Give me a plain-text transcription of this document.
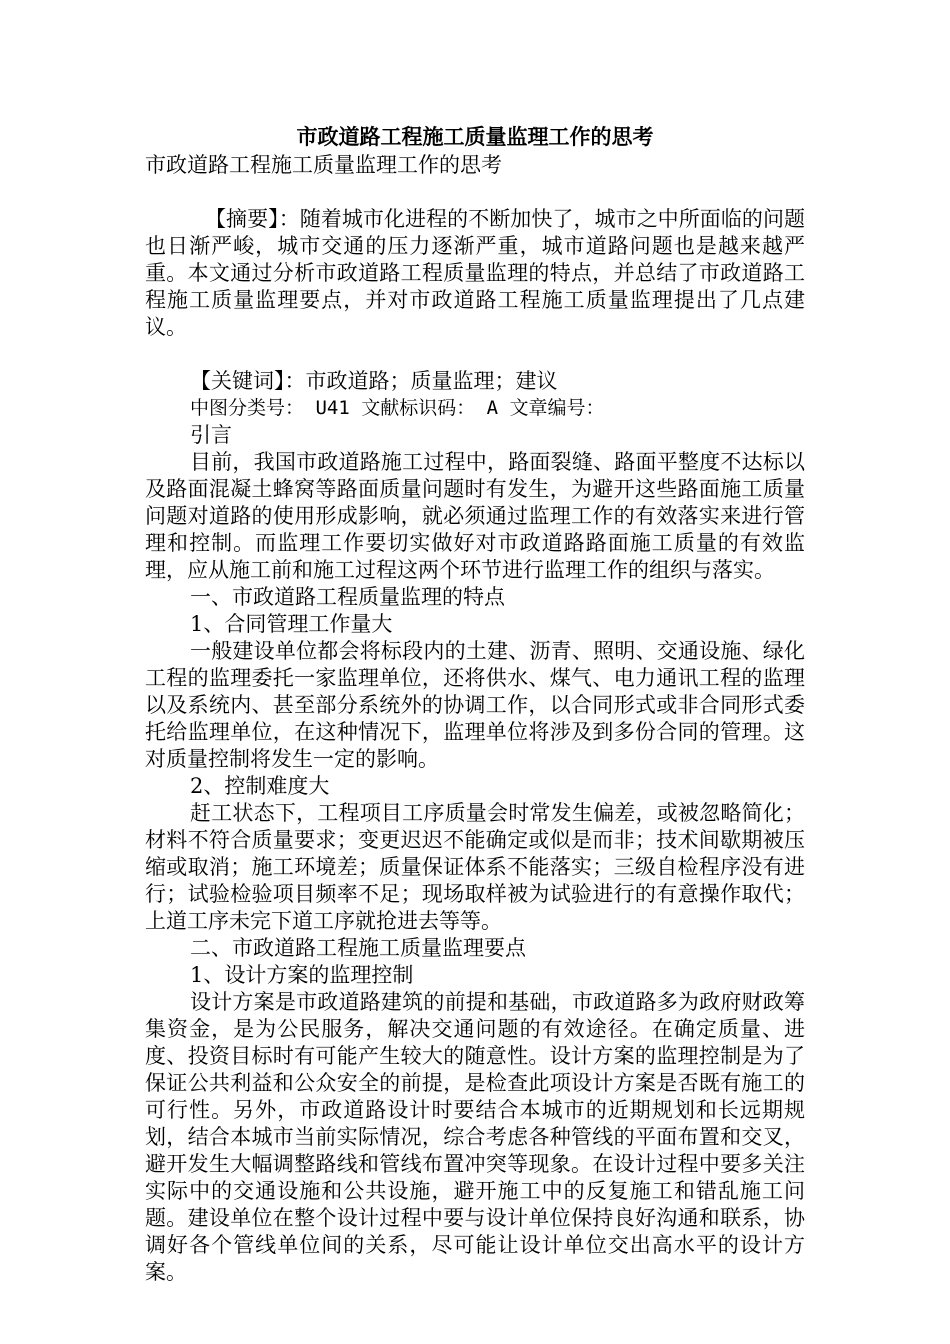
市政道路工程施工质量监理工作的思考

市政道路工程施工质量监理工作的思考

【摘要】：随着城市化进程的不断加快了，城市之中所面临的问题也日渐严峻，城市交通的压力逐渐严重，城市道路问题也是越来越严重。本文通过分析市政道路工程质量监理的特点，并总结了市政道路工程施工质量监理要点，并对市政道路工程施工质量监理提出了几点建议。

【关键词】：市政道路；质量监理；建议

中图分类号： U41 文献标识码： A 文章编号：

引言

目前，我国市政道路施工过程中，路面裂缝、路面平整度不达标以及路面混凝土蜂窝等路面质量问题时有发生，为避开这些路面施工质量问题对道路的使用形成影响，就必须通过监理工作的有效落实来进行管理和控制。而监理工作要切实做好对市政道路路面施工质量的有效监理，应从施工前和施工过程这两个环节进行监理工作的组织与落实。

一、市政道路工程质量监理的特点

1、合同管理工作量大

一般建设单位都会将标段内的土建、沥青、照明、交通设施、绿化工程的监理委托一家监理单位，还将供水、煤气、电力通讯工程的监理以及系统内、甚至部分系统外的协调工作，以合同形式或非合同形式委托给监理单位，在这种情况下，监理单位将涉及到多份合同的管理。这对质量控制将发生一定的影响。

2、控制难度大

赶工状态下，工程项目工序质量会时常发生偏差，或被忽略简化；材料不符合质量要求；变更迟迟不能确定或似是而非；技术间歇期被压缩或取消；施工环境差；质量保证体系不能落实；三级自检程序没有进行；试验检验项目频率不足；现场取样被为试验进行的有意操作取代；上道工序未完下道工序就抢进去等等。

二、市政道路工程施工质量监理要点

1、设计方案的监理控制

设计方案是市政道路建筑的前提和基础，市政道路多为政府财政筹集资金，是为公民服务，解决交通问题的有效途径。在确定质量、进度、投资目标时有可能产生较大的随意性。设计方案的监理控制是为了保证公共利益和公众安全的前提，是检查此项设计方案是否既有施工的可行性。另外，市政道路设计时要结合本城市的近期规划和长远期规划，结合本城市当前实际情况，综合考虑各种管线的平面布置和交叉，避开发生大幅调整路线和管线布置冲突等现象。在设计过程中要多关注实际中的交通设施和公共设施，避开施工中的反复施工和错乱施工问题。建设单位在整个设计过程中要与设计单位保持良好沟通和联系，协调好各个管线单位间的关系，尽可能让设计单位交出高水平的设计方案。
